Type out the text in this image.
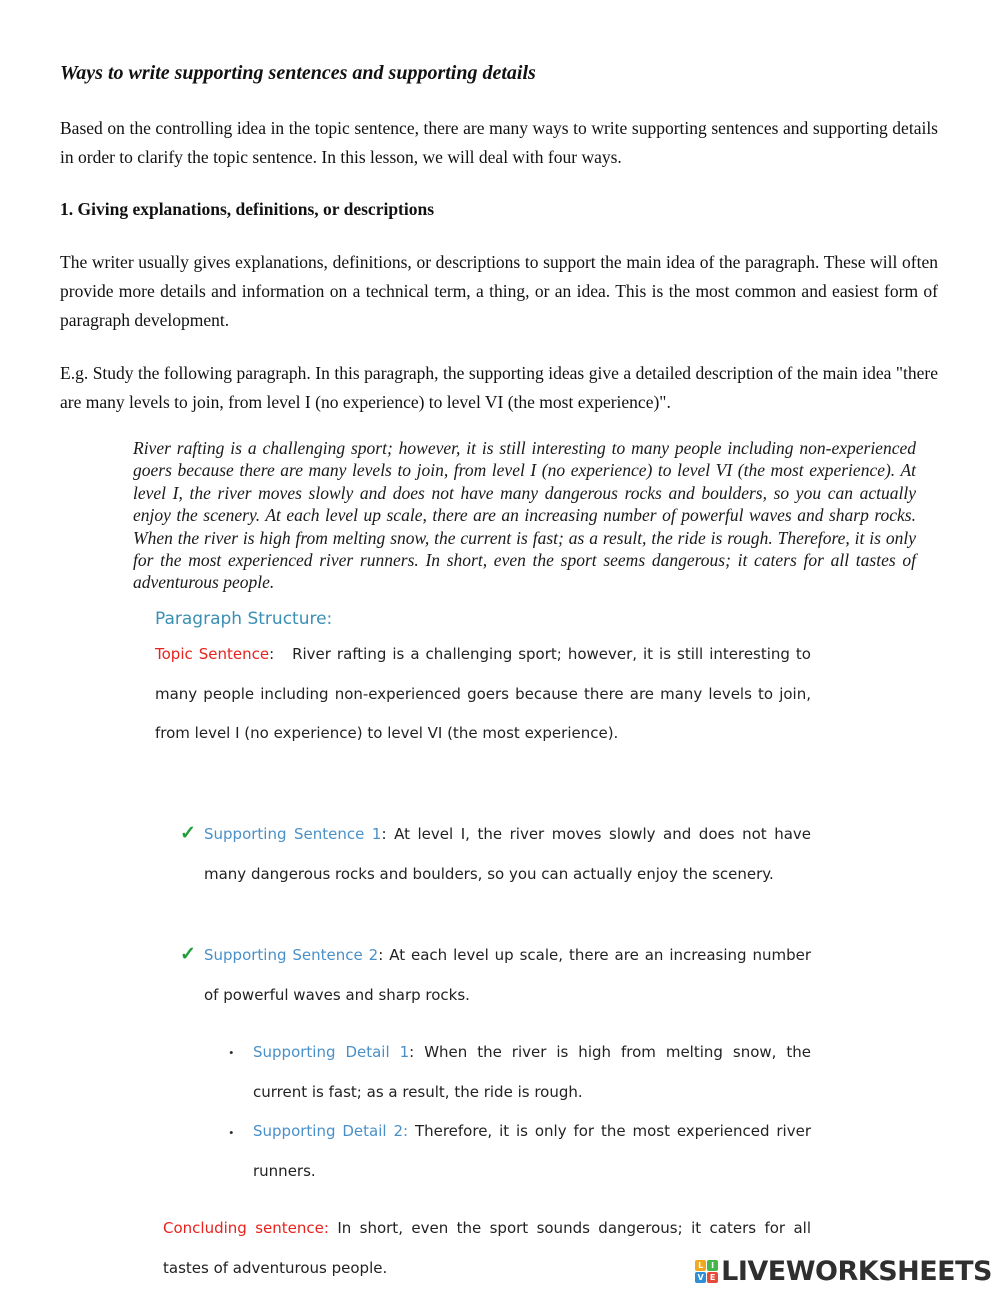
Ways to write supporting sentences and supporting details
Based on the controlling idea in the topic sentence, there are many ways to write supporting sentences and supporting details in order to clarify the topic sentence. In this lesson, we will deal with four ways.
1. Giving explanations, definitions, or descriptions
The writer usually gives explanations, definitions, or descriptions to support the main idea of the paragraph. These will often provide more details and information on a technical term, a thing, or an idea. This is the most common and easiest form of paragraph development.
E.g. Study the following paragraph. In this paragraph, the supporting ideas give a detailed description of the main idea "there are many levels to join, from level I (no experience) to level VI (the most experience)".
River rafting is a challenging sport; however, it is still interesting to many people including non-experienced goers because there are many levels to join, from level I (no experience) to level VI (the most experience). At level I, the river moves slowly and does not have many dangerous rocks and boulders, so you can actually enjoy the scenery. At each level up scale, there are an increasing number of powerful waves and sharp rocks. When the river is high from melting snow, the current is fast; as a result, the ride is rough. Therefore, it is only for the most experienced river runners. In short, even the sport seems dangerous; it caters for all tastes of adventurous people.
Paragraph Structure:
Topic Sentence: River rafting is a challenging sport; however, it is still interesting to many people including non-experienced goers because there are many levels to join, from level I (no experience) to level VI (the most experience).
✓ Supporting Sentence 1: At level I, the river moves slowly and does not have many dangerous rocks and boulders, so you can actually enjoy the scenery.
✓ Supporting Sentence 2: At each level up scale, there are an increasing number of powerful waves and sharp rocks.
• Supporting Detail 1: When the river is high from melting snow, the current is fast; as a result, the ride is rough.
• Supporting Detail 2: Therefore, it is only for the most experienced river runners.
Concluding sentence: In short, even the sport sounds dangerous; it caters for all tastes of adventurous people.	L I
V E LIVEWORKSHEETS
